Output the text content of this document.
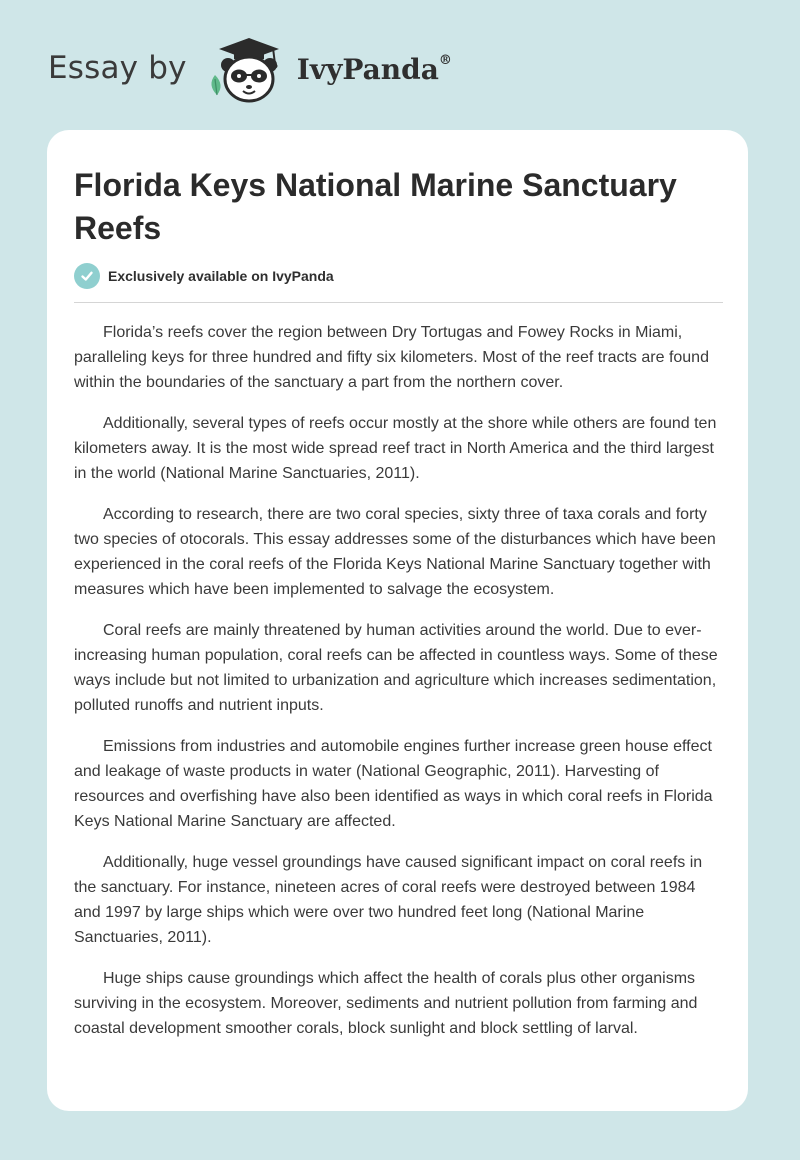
Essay by	IvyPanda®
Florida Keys National Marine Sanctuary Reefs
Exclusively available on IvyPanda

Florida’s reefs cover the region between Dry Tortugas and Fowey Rocks in Miami, paralleling keys for three hundred and fifty six kilometers. Most of the reef tracts are found within the boundaries of the sanctuary a part from the northern cover.

Additionally, several types of reefs occur mostly at the shore while others are found ten kilometers away. It is the most wide spread reef tract in North America and the third largest in the world (National Marine Sanctuaries, 2011).

According to research, there are two coral species, sixty three of taxa corals and forty two species of otocorals. This essay addresses some of the disturbances which have been experienced in the coral reefs of the Florida Keys National Marine Sanctuary together with measures which have been implemented to salvage the ecosystem.

Coral reefs are mainly threatened by human activities around the world. Due to ever-increasing human population, coral reefs can be affected in countless ways. Some of these ways include but not limited to urbanization and agriculture which increases sedimentation, polluted runoffs and nutrient inputs.

Emissions from industries and automobile engines further increase green house effect and leakage of waste products in water (National Geographic, 2011). Harvesting of resources and overfishing have also been identified as ways in which coral reefs in Florida Keys National Marine Sanctuary are affected.

Additionally, huge vessel groundings have caused significant impact on coral reefs in the sanctuary. For instance, nineteen acres of coral reefs were destroyed between 1984 and 1997 by large ships which were over two hundred feet long (National Marine Sanctuaries, 2011).

Huge ships cause groundings which affect the health of corals plus other organisms surviving in the ecosystem. Moreover, sediments and nutrient pollution from farming and coastal development smoother corals, block sunlight and block settling of larval.
